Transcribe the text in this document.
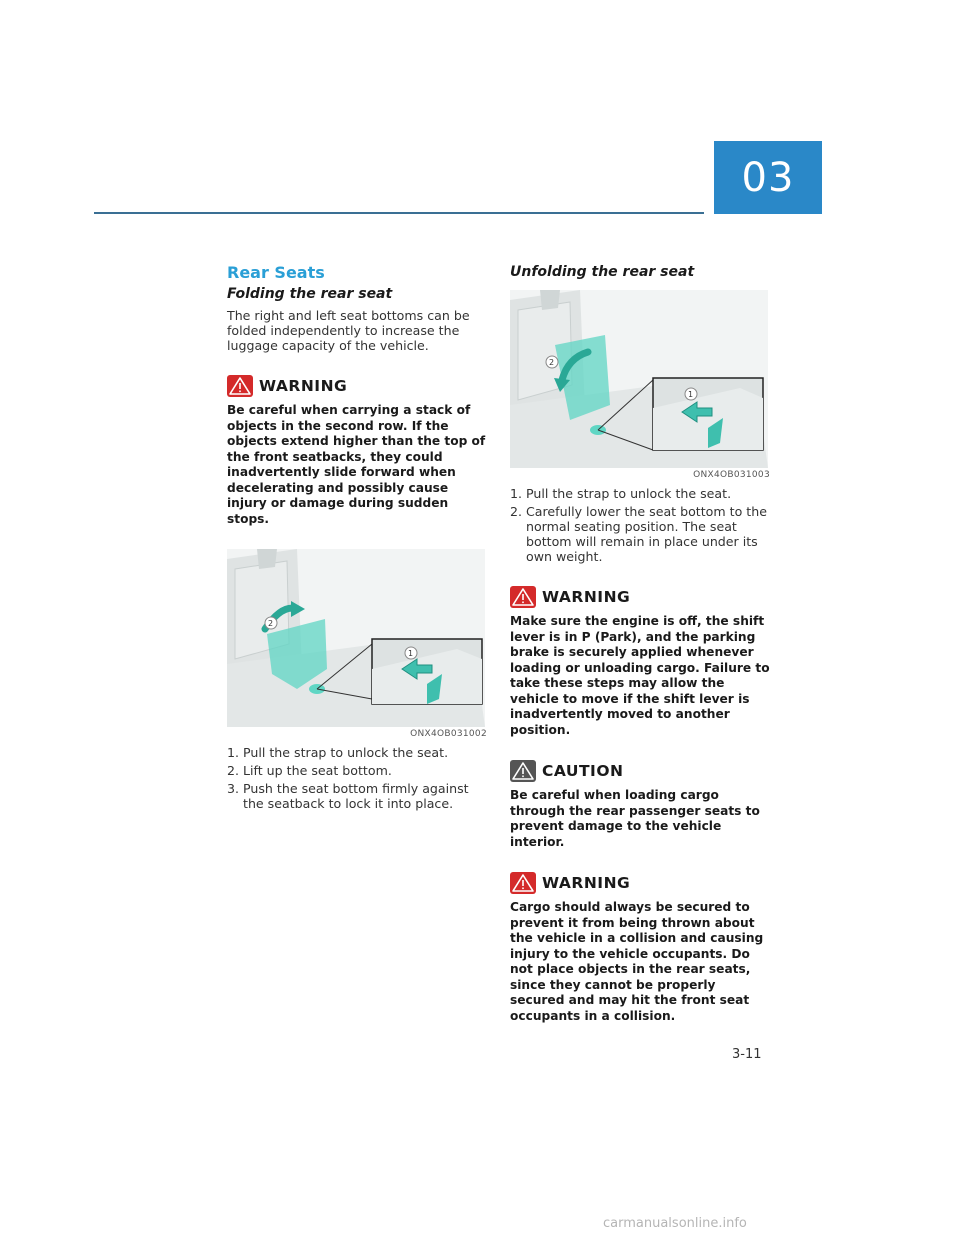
03
Rear Seats
Folding the rear seat

The right and left seat bottoms can be folded independently to increase the luggage capacity of the vehicle.

WARNING

Be careful when carrying a stack of objects in the second row. If the objects extend higher than the top of the front seatbacks, they could inadvertently slide forward when decelerating and possibly cause injury or damage during sudden stops.

2
1
ONX4OB031002
1. Pull the strap to unlock the seat.
2. Lift up the seat bottom.
3. Push the seat bottom firmly against the seatback to lock it into place.
Unfolding the rear seat
2
1
ONX4OB031003
1. Pull the strap to unlock the seat.
2. Carefully lower the seat bottom to the normal seating position. The seat bottom will remain in place under its own weight.
WARNING

Make sure the engine is off, the shift lever is in P (Park), and the parking brake is securely applied whenever loading or unloading cargo. Failure to take these steps may allow the vehicle to move if the shift lever is inadvertently moved to another position.

CAUTION

Be careful when loading cargo through the rear passenger seats to prevent damage to the vehicle interior.

WARNING

Cargo should always be secured to prevent it from being thrown about the vehicle in a collision and causing injury to the vehicle occupants. Do not place objects in the rear seats, since they cannot be properly secured and may hit the front seat occupants in a collision.

3-11
carmanualsonline.info
